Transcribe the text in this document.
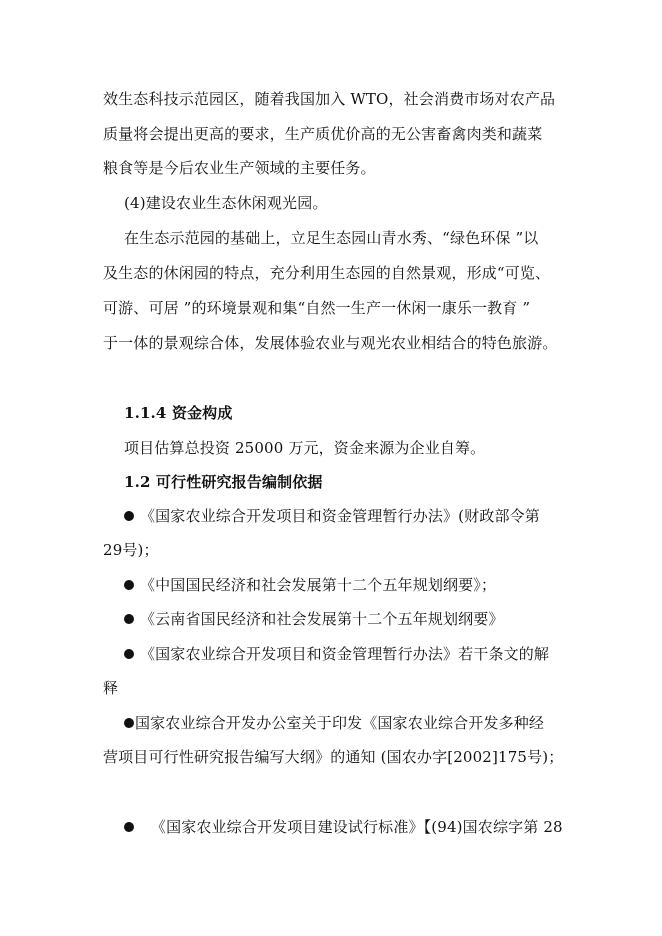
效生态科技示范园区，随着我国加入 WTO，社会消费市场对农产品
质量将会提出更高的要求，生产质优价高的无公害畜禽肉类和蔬菜
粮食等是今后农业生产领域的主要任务。
(4)建设农业生态休闲观光园。
在生态示范园的基础上，立足生态园山青水秀、“绿色环保 ”以
及生态的休闲园的特点，充分利用生态园的自然景观，形成“可览、
可游、可居 ”的环境景观和集“自然一生产一休闲一康乐一教育 ”
于一体的景观综合体，发展体验农业与观光农业相结合的特色旅游。
1.1.4 资金构成
项目估算总投资 25000 万元，资金来源为企业自筹。
1.2 可行性研究报告编制依据
《国家农业综合开发项目和资金管理暂行办法》(财政部令第
29号)；
《中国国民经济和社会发展第十二个五年规划纲要》；
《云南省国民经济和社会发展第十二个五年规划纲要》
《国家农业综合开发项目和资金管理暂行办法》若干条文的解
释
国家农业综合开发办公室关于印发《国家农业综合开发多种经
营项目可行性研究报告编写大纲》的通知 (国农办字[2002]175号)；
《国家农业综合开发项目建设试行标准》【(94)国农综字第 28
